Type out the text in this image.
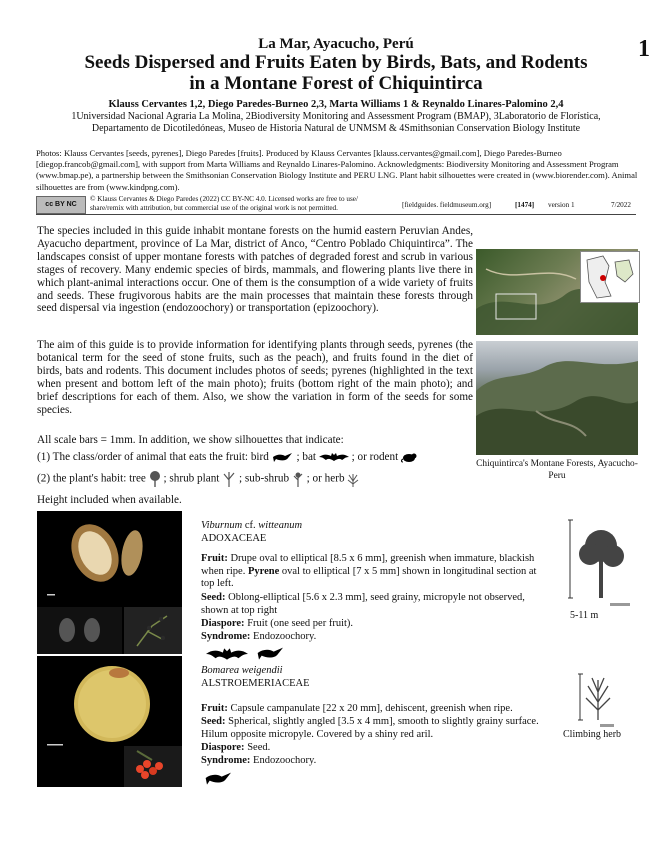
1
La Mar, Ayacucho, Perú
Seeds Dispersed and Fruits Eaten by Birds, Bats, and Rodents
in a Montane Forest of Chiquintirca
Klauss Cervantes 1,2, Diego Paredes-Burneo 2,3, Marta Williams 1 & Reynaldo Linares-Palomino 2,4
1Universidad Nacional Agraria La Molina, 2Biodiversity Monitoring and Assessment Program (BMAP), 3Laboratorio de Florística,
Departamento de Dicotiledóneas, Museo de Historia Natural de UNMSM & 4Smithsonian Conservation Biology Institute
Photos: Klauss Cervantes [seeds, pyrenes], Diego Paredes [fruits]. Produced by Klauss Cervantes [klauss.cervantes@gmail.com], Diego Paredes-Burneo [diegop.francob@gmail.com], with support from Marta Williams and Reynaldo Linares-Palomino. Acknowledgments: Biodiversity Monitoring and Assessment Program (www.bmap.pe), a partnership between the Smithsonian Conservation Biology Institute and PERU LNG. Plant habit silhouettes were created in (www.biorender.com). Animal silhouettes are from (www.kindpng.com).
cc BY NC
© Klauss Cervantes & Diego Paredes (2022) CC BY-NC 4.0. Licensed works are free to use/ share/remix with attribution, but commercial use of the original work is not permitted.	[fieldguides. fieldmuseum.org]	[1474] version 1	7/2022
The species included in this guide inhabit montane forests on the humid eastern Peruvian Andes, Ayacucho department, province of La Mar, district of Anco, “Centro Poblado Chiquintirca”. The landscapes consist of upper montane forests with patches of degraded forest and scrub in various stages of recovery. Many endemic species of birds, mammals, and flowering plants live there in which plant-animal interactions occur. One of them is the consumption of a wide variety of fruits and seeds. These frugivorous habits are the main processes that maintain these forests through seed dispersal via ingestion (endozoochory) or transportation (epizoochory).
The aim of this guide is to provide information for identifying plants through seeds, pyrenes (the botanical term for the seed of stone fruits, such as the peach), and fruits found in the diet of birds, bats and rodents. This document includes photos of seeds; pyrenes (highlighted in the text when present and bottom left of the main photo); fruits (bottom right of the main photo); and brief descriptions for each of them. Also, we show the variation in form of the seeds for some species.
Chiquintirca's Montane Forests, Ayacucho-Peru
All scale bars = 1mm. In addition, we show silhouettes that indicate:
(1) The class/order of animal that eats the fruit: bird ; bat	; or rodent
(2) the plant's habit: tree ; shrub plant ; sub-shrub ; or herb
Height included when available.
Viburnum cf. witteanum
ADOXACEAE
Fruit: Drupe oval to elliptical [8.5 x 6 mm], greenish when immature, blackish when ripe. Pyrene oval to elliptical [7 x 5 mm] shown in longitudinal section at top left.
Seed: Oblong-elliptical [5.6 x 2.3 mm], seed grainy, micropyle not observed, shown at top right
Diaspore: Fruit (one seed per fruit).
Syndrome: Endozoochory.

5-11 m
Bomarea weigendii
ALSTROEMERIACEAE
Fruit: Capsule campanulate [22 x 20 mm], dehiscent, greenish when ripe.
Seed: Spherical, slightly angled [3.5 x 4 mm], smooth to slightly grainy surface. Hilum opposite micropyle. Covered by a shiny red aril.
Diaspore: Seed.
Syndrome: Endozoochory.
Climbing herb
